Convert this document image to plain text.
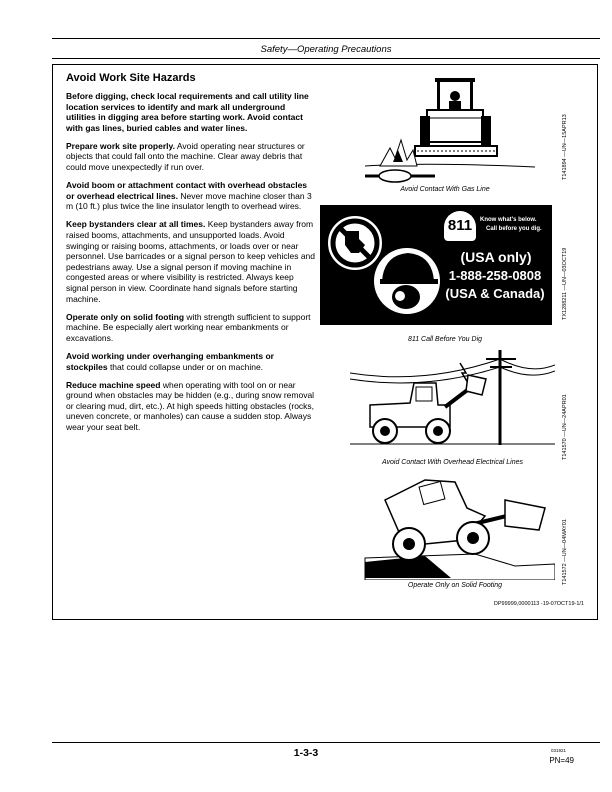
Safety—Operating Precautions
Avoid Work Site Hazards

Before digging, check local requirements and call utility line location services to identify and mark all underground utilities in digging area before starting work. Avoid contact with gas lines, buried cables and water lines.

Prepare work site properly. Avoid operating near structures or objects that could fall onto the machine. Clear away debris that could move unexpectedly if run over.

Avoid boom or attachment contact with overhead obstacles or overhead electrical lines. Never move machine closer than 3 m (10 ft.) plus twice the line insulator length to overhead wires.

Keep bystanders clear at all times. Keep bystanders away from raised booms, attachments, and unsupported loads. Avoid swinging or raising booms, attachments, or loads over or near personnel. Use barricades or a signal person to keep vehicles and pedestrians away. Use a signal person if moving machine in congested areas or where visibility is restricted. Always keep signal person in view. Coordinate hand signals before starting machine.

Operate only on solid footing with strength sufficient to support machine. Be especially alert working near embankments or excavations.

Avoid working under overhanging embankments or stockpiles that could collapse under or on machine.

Reduce machine speed when operating with tool on or near ground when obstacles may be hidden (e.g., during snow removal or clearing mud, dirt, etc.). At high speeds hitting obstacles (rocks, uneven concrete, or manholes) can cause a sudden stop. Always wear your seat belt.

Avoid Contact With Gas Line
T141894 —UN—15APR13
811	Know what's below.
Call before you dig.
(USA only)
1-888-258-0808
(USA & Canada)
811 Call Before You Dig
TX1288211 —UN—03OCT19
Avoid Contact With Overhead Electrical Lines
T141570 —UN—24APR01
Operate Only on Solid Footing
T141572 —UN—04MAY01
DP99999,0000113 -19-07OCT19-1/1
1-3-3	031921
PN=49
